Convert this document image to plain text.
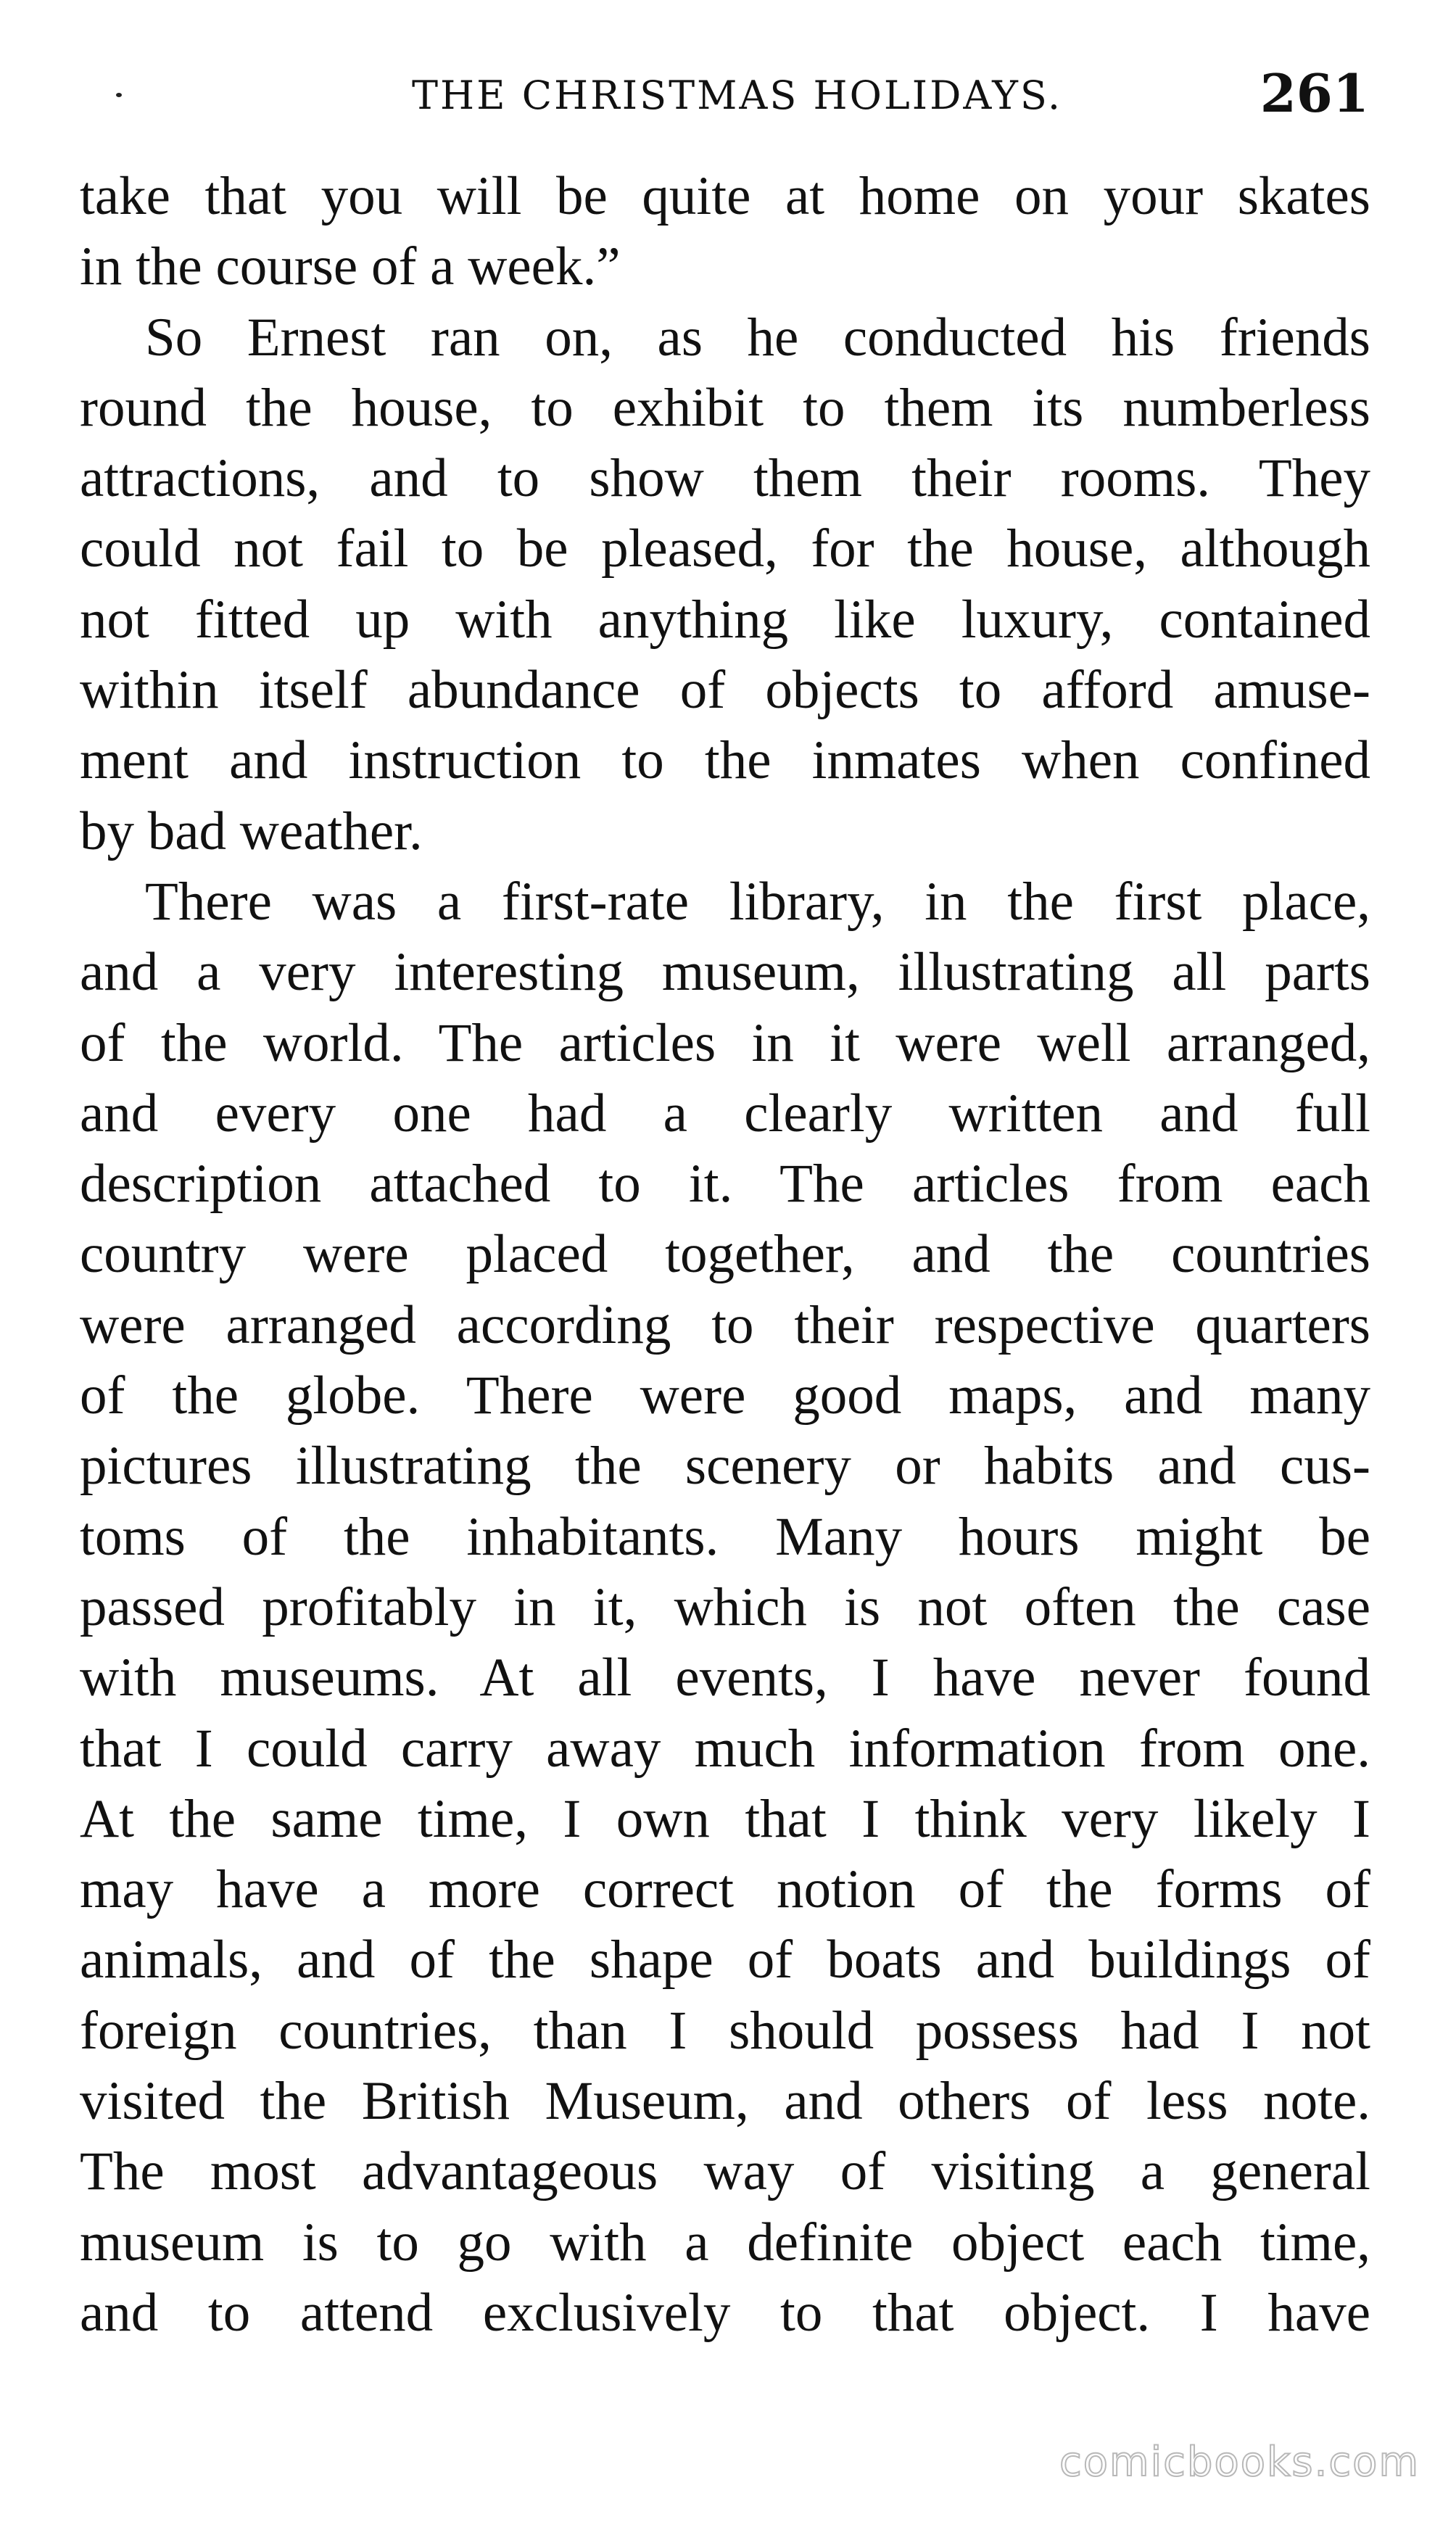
THE CHRISTMAS HOLIDAYS.	261
take that you will be quite at home on your skates
in the course of a week.”
So Ernest ran on, as he conducted his friends
round the house, to exhibit to them its numberless
attractions, and to show them their rooms. They
could not fail to be pleased, for the house, although
not fitted up with anything like luxury, contained
within itself abundance of objects to afford amuse-
ment and instruction to the inmates when confined
by bad weather.
There was a first-rate library, in the first place,
and a very interesting museum, illustrating all parts
of the world. The articles in it were well arranged,
and every one had a clearly written and full
description attached to it. The articles from each
country were placed together, and the countries
were arranged according to their respective quarters
of the globe. There were good maps, and many
pictures illustrating the scenery or habits and cus-
toms of the inhabitants. Many hours might be
passed profitably in it, which is not often the case
with museums. At all events, I have never found
that I could carry away much information from one.
At the same time, I own that I think very likely I
may have a more correct notion of the forms of
animals, and of the shape of boats and buildings of
foreign countries, than I should possess had I not
visited the British Museum, and others of less note.
The most advantageous way of visiting a general
museum is to go with a definite object each time,
and to attend exclusively to that object. I have
comicbooks.com
